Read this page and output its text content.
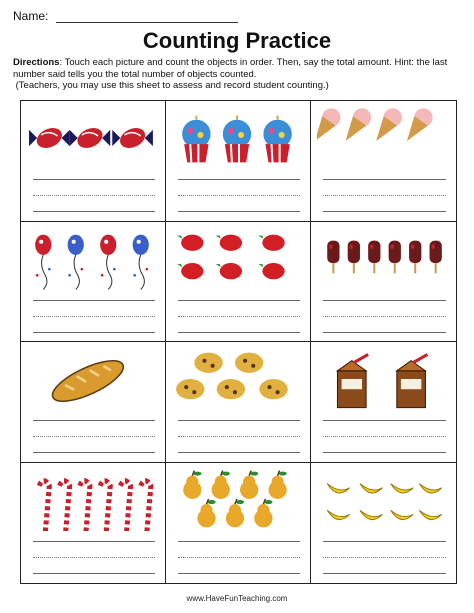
Name:
Counting Practice
Directions: Touch each picture and count the objects in order. Then, say the total amount. Hint: the last number said tells you the total number of objects counted.
(Teachers, you may use this sheet to assess and record student counting.)
www.HaveFunTeaching.com
